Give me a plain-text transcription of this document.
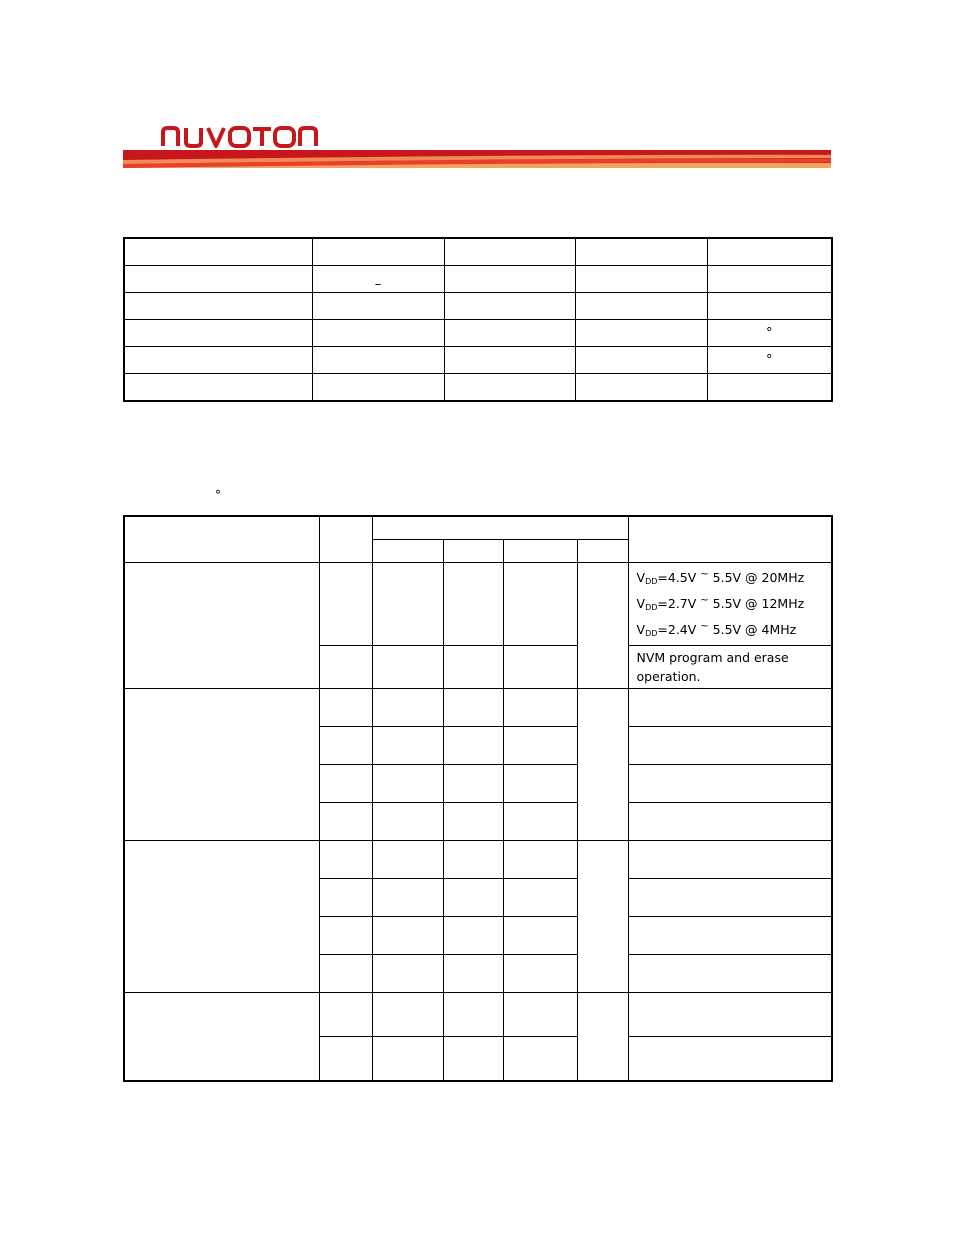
	–			

				°
				°

°

						$V_{DD}=4.5V$ ~ 5.5V @ 20MHz
$V_{DD}=2.7V$ ~ 5.5V @ 12MHz
$V_{DD}=2.4V$ ~ 5.5V @ 4MHz

						NVM program and erase
operation.
